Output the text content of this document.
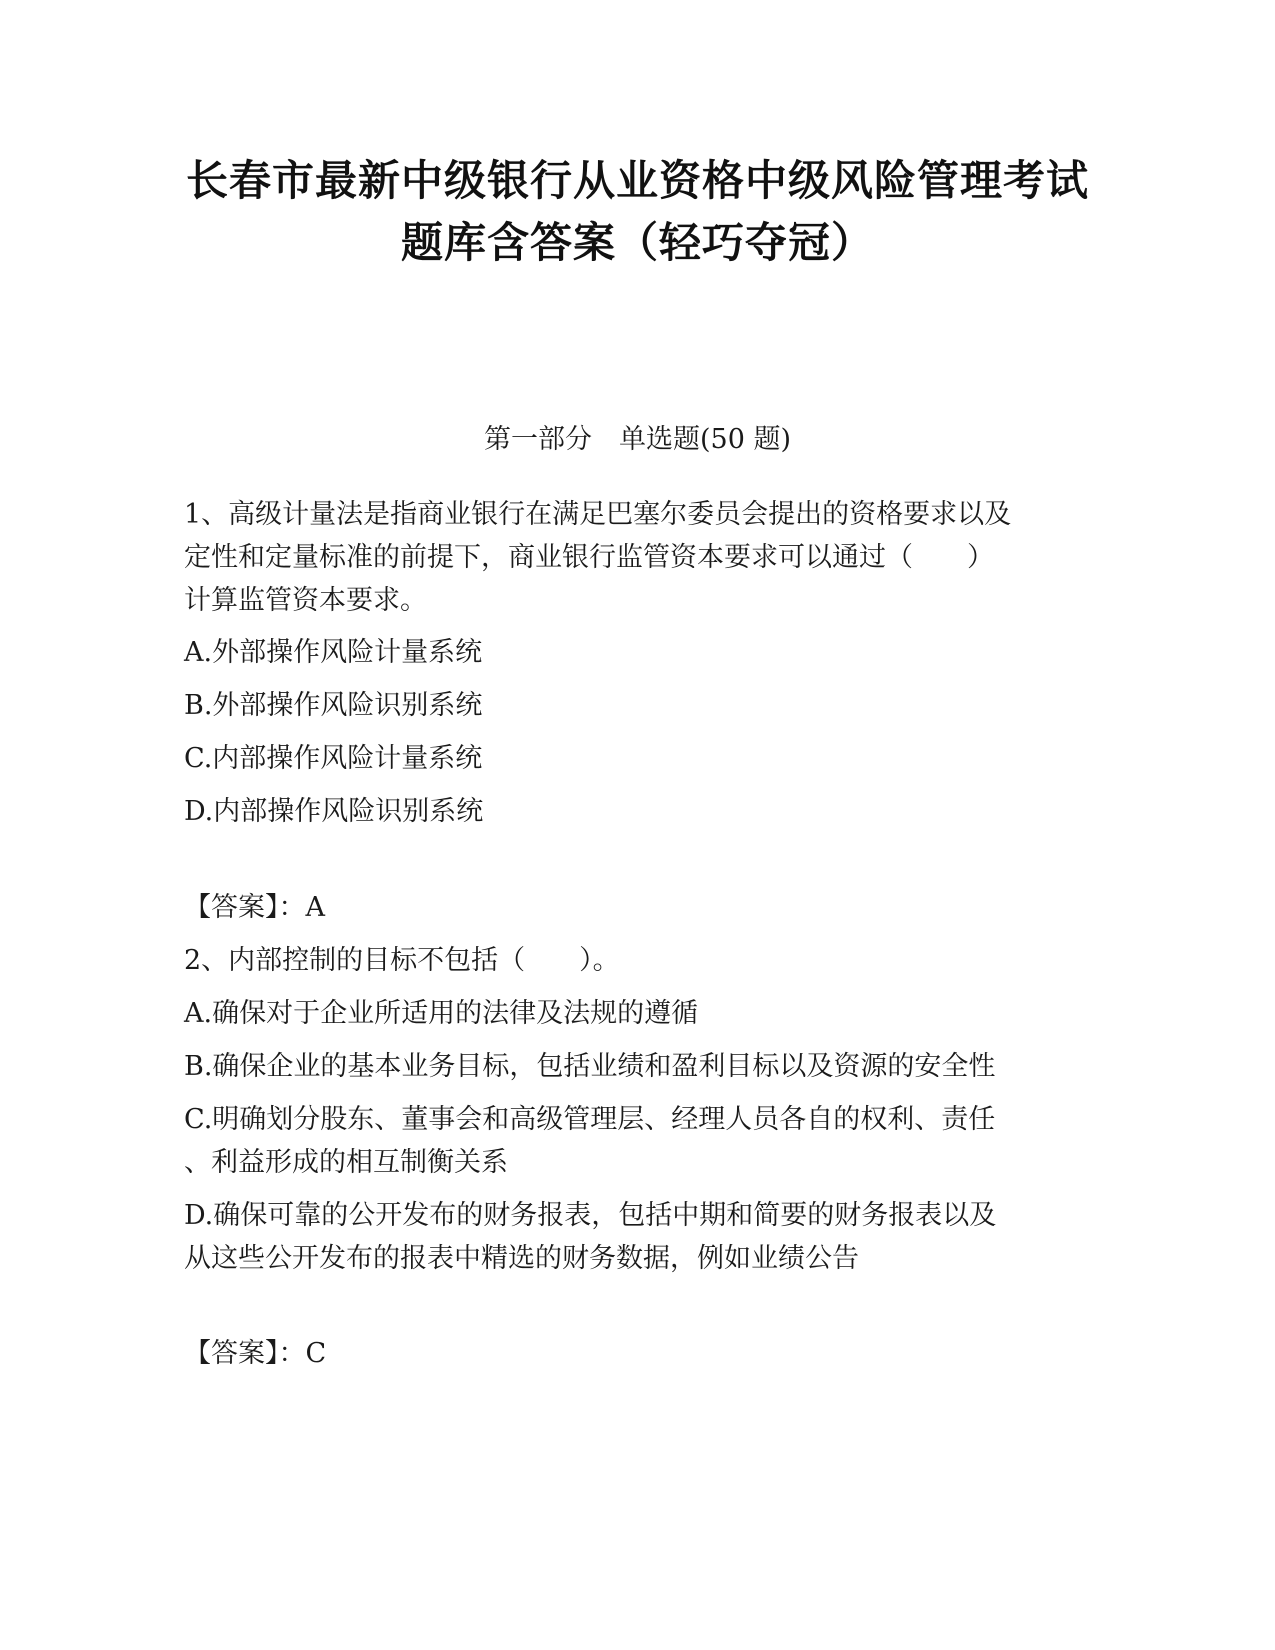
长春市最新中级银行从业资格中级风险管理考试
题库含答案（轻巧夺冠）
第一部分　单选题(50 题)
1、高级计量法是指商业银行在满足巴塞尔委员会提出的资格要求以及
定性和定量标准的前提下，商业银行监管资本要求可以通过（　　）
计算监管资本要求。
A.外部操作风险计量系统
B.外部操作风险识别系统
C.内部操作风险计量系统
D.内部操作风险识别系统
【答案】：A
2、内部控制的目标不包括（　　）。
A.确保对于企业所适用的法律及法规的遵循
B.确保企业的基本业务目标，包括业绩和盈利目标以及资源的安全性
C.明确划分股东、董事会和高级管理层、经理人员各自的权利、责任
、利益形成的相互制衡关系
D.确保可靠的公开发布的财务报表，包括中期和简要的财务报表以及
从这些公开发布的报表中精选的财务数据，例如业绩公告
【答案】：C
